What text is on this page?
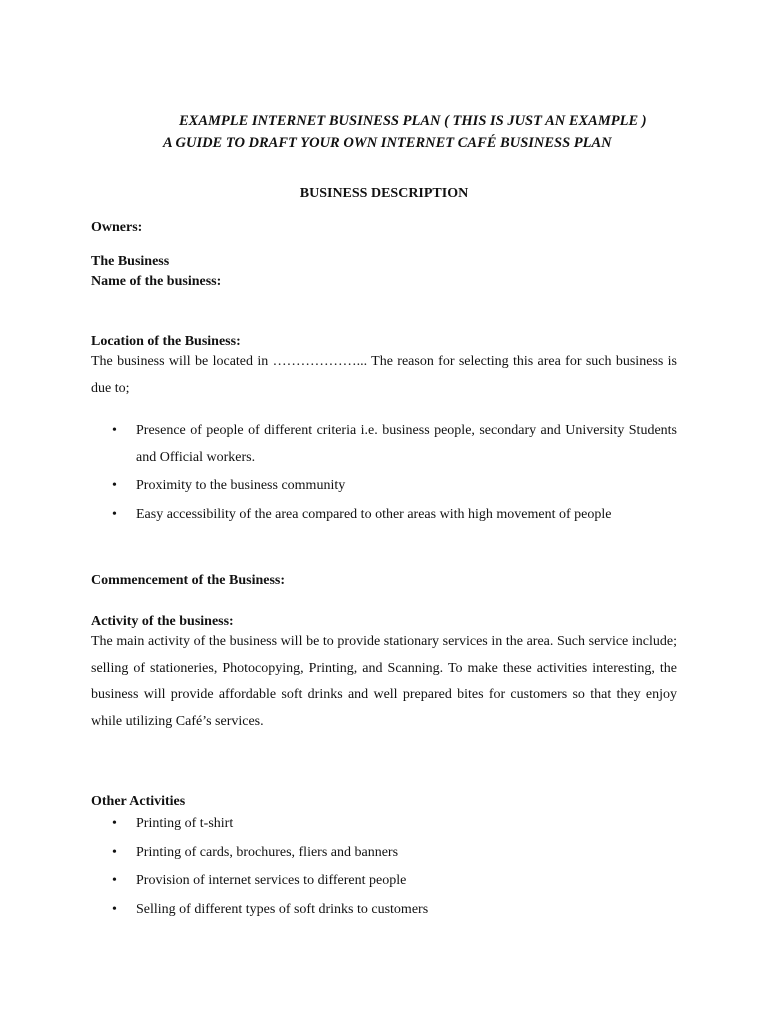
EXAMPLE INTERNET BUSINESS PLAN ( THIS IS JUST AN EXAMPLE )
A GUIDE TO DRAFT YOUR OWN INTERNET CAFÉ BUSINESS PLAN
BUSINESS DESCRIPTION
Owners:
The Business
Name of the business:
Location of the Business:
The business will be located in ………………... The reason for selecting this area for such business is due to;
• Presence of people of different criteria i.e. business people, secondary and University Students and Official workers.
• Proximity to the business community
• Easy accessibility of the area compared to other areas with high movement of people
Commencement of the Business:
Activity of the business:
The main activity of the business will be to provide stationary services in the area. Such service include; selling of stationeries, Photocopying, Printing, and Scanning. To make these activities interesting, the business will provide affordable soft drinks and well prepared bites for customers so that they enjoy while utilizing Café’s services.
Other Activities
• Printing of t-shirt
• Printing of cards, brochures, fliers and banners
• Provision of internet services to different people
• Selling of different types of soft drinks to customers
